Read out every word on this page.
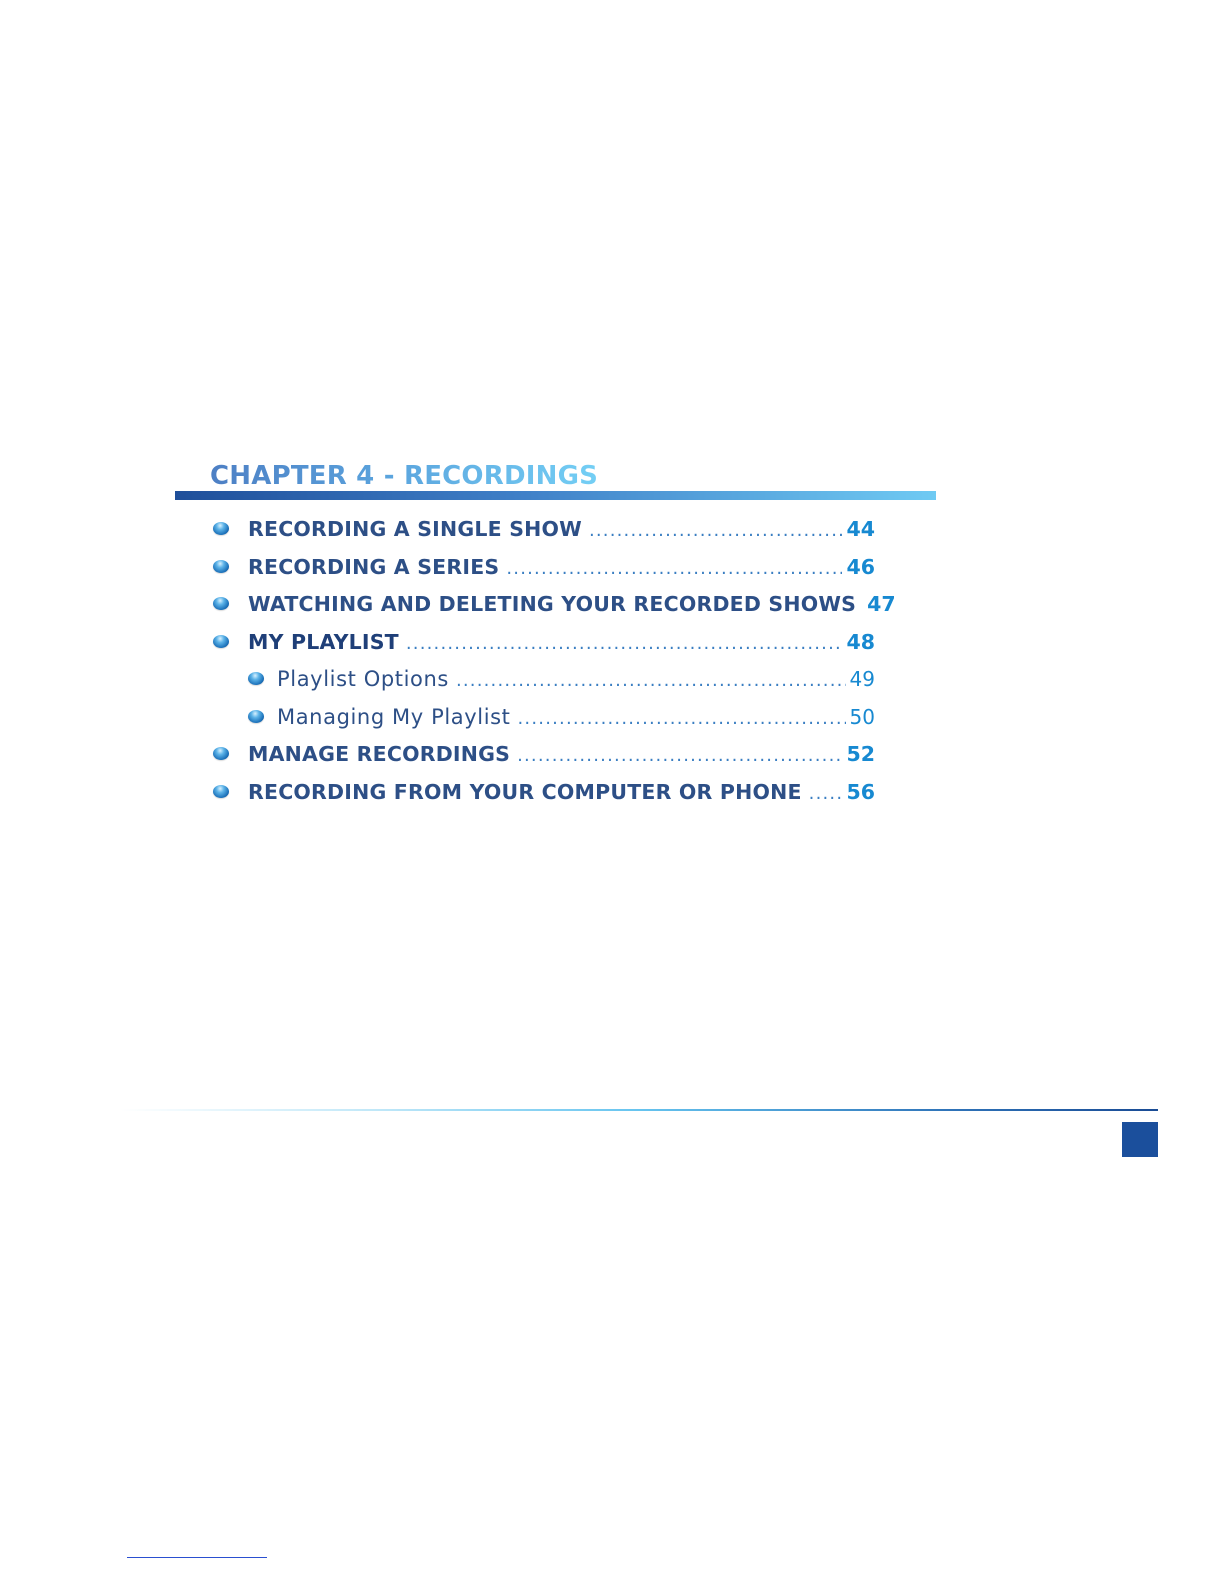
CHAPTER 4 - RECORDINGS
RECORDING A SINGLE SHOW .....	44
RECORDING A SERIES .....	46
WATCHING AND DELETING YOUR RECORDED SHOWS 47
MY PLAYLIST .....	48
Playlist Options .....	49
Managing My Playlist .....	50
MANAGE RECORDINGS .....	52
RECORDING FROM YOUR COMPUTER OR PHONE ..... 56
